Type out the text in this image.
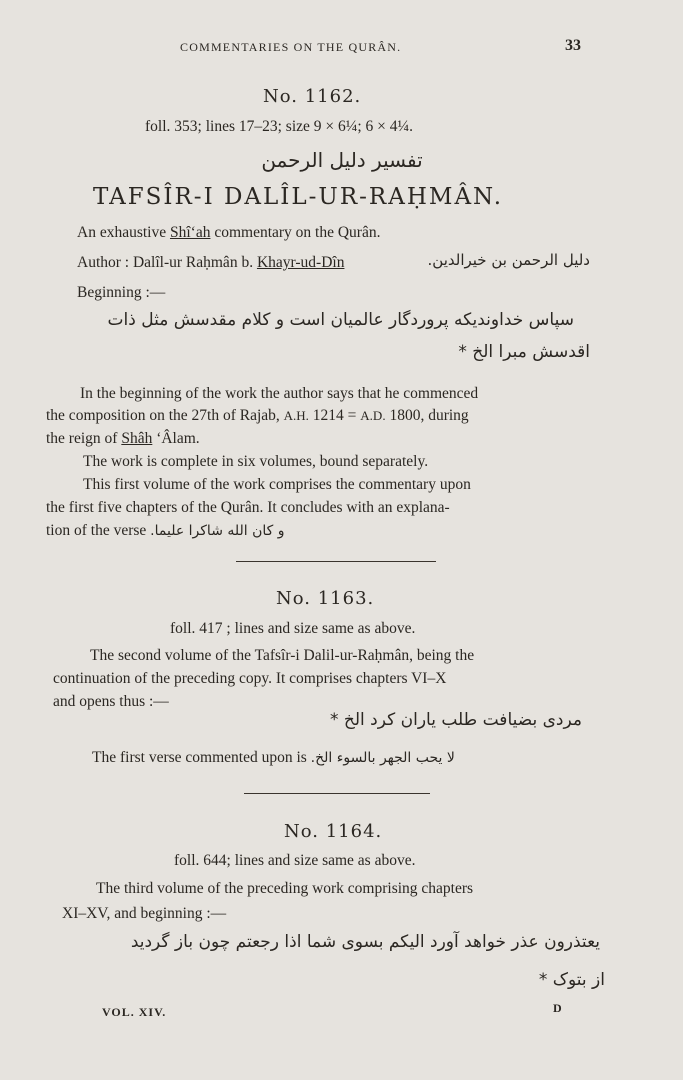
COMMENTARIES ON THE QURÂN.	33
No. 1162.
foll. 353; lines 17–23; size 9 × 6¼; 6 × 4¼.
تفسیر دلیل الرحمن
TAFSÎR-I DALÎL-UR-RAḤMÂN.
An exhaustive Shî‘ah commentary on the Qurân.
Author : Dalîl-ur Raḥmân b. Khayr-ud-Dîn	دلیل الرحمن بن خیرالدین.
Beginning :—
سپاس خداوندیکه پروردگار عالمیان است و کلام مقدسش مثل ذات
اقدسش مبرا الخ *
In the beginning of the work the author says that he commenced
the composition on the 27th of Rajab, A.H. 1214 = A.D. 1800, during
the reign of Shâh ‘Âlam.
The work is complete in six volumes, bound separately.
This first volume of the work comprises the commentary upon
the first five chapters of the Qurân. It concludes with an explana-
tion of the verse و کان الله شاکرا علیما.
No. 1163.
foll. 417 ; lines and size same as above.
The second volume of the Tafsîr-i Dalil-ur-Raḥmân, being the
continuation of the preceding copy. It comprises chapters VI–X
and opens thus :—
مردی بضیافت طلب یاران کرد الخ *
The first verse commented upon is لا یحب الجهر بالسوء الخ.
No. 1164.
foll. 644; lines and size same as above.
The third volume of the preceding work comprising chapters
XI–XV, and beginning :—
یعتذرون عذر خواهد آورد الیکم بسوی شما اذا رجعتم چون باز گردید
از بتوک *
VOL. XIV.	D
